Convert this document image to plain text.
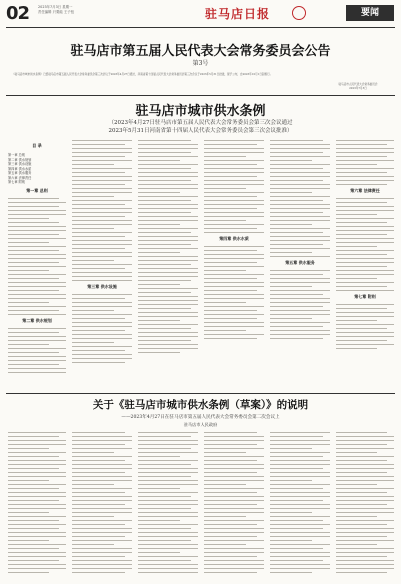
02	2023年7月3日 星期一
责任编辑 只要能 王子钮	驻马店日报	要闻
驻马店市第五届人民代表大会常务委员会公告
第3号
《驻马店市城市供水条例》已经驻马店市第五届人民代表大会常务委员会第三次会议于2023年4月27日通过，河南省第十四届人民代表大会常务委员会第三次会议于2023年5月31日批准，现予公布，自2023年10月1日起施行。
驻马店市人民代表大会常务委员会
2023年7月3日
驻马店市城市供水条例
（2023年4月27日驻马店市第五届人民代表大会常务委员会第三次会议通过
2023年5月31日河南省第十四届人民代表大会常务委员会第三次会议批准）
目 录
第一章 总则
第二章 供水规划
第三章 供水设施
第四章 供水水质
第五章 供水服务
第六章 法律责任
第七章 附则
第一章 总则
第二章 供水规划
第三章 供水设施
第四章 供水水质
第五章 供水服务
第六章 法律责任
第七章 附则
关于《驻马店市城市供水条例（草案）》的说明
——2023年4月27日在驻马店市第五届人民代表大会常务委员会第二次会议上
驻马店市人民政府
